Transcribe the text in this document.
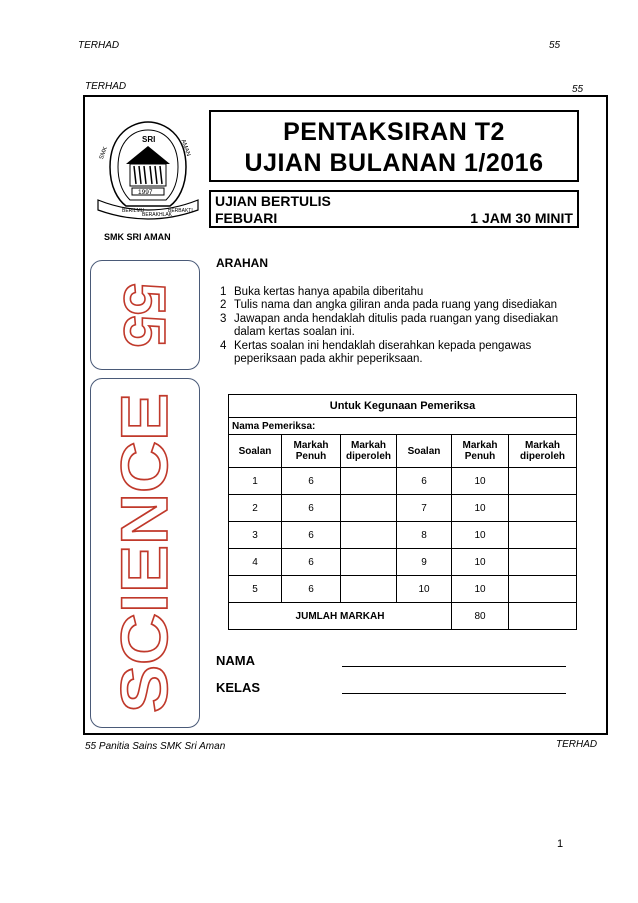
TERHAD	55
TERHAD	55
BERILMU
BERAKHLAK
BERBAKTI
1997
SRI
SMK	AMAN
SMK SRI AMAN
55
SCIENCE
PENTAKSIRAN T2
UJIAN BULANAN 1/2016
UJIAN BERTULIS
FEBUARI	1 JAM 30 MINIT
ARAHAN
1 Buka kertas hanya apabila diberitahu
2 Tulis nama dan angka giliran anda pada ruang yang disediakan
3 Jawapan anda hendaklah ditulis pada ruangan yang disediakan dalam kertas soalan ini.
4 Kertas soalan ini hendaklah diserahkan kepada pengawas peperiksaan pada akhir peperiksaan.
Untuk Kegunaan Pemeriksa					
Nama Pemeriksa:					
Soalan	Markah Penuh	Markah diperoleh	Soalan	Markah Penuh	Markah diperoleh
1	6		6	10	
2	6		7	10	
3	6		8	10	
4	6		9	10	
5	6		10	10	
JUMLAH MARKAH				80	
NAMA
KELAS
55 Panitia Sains SMK Sri Aman	TERHAD
1
